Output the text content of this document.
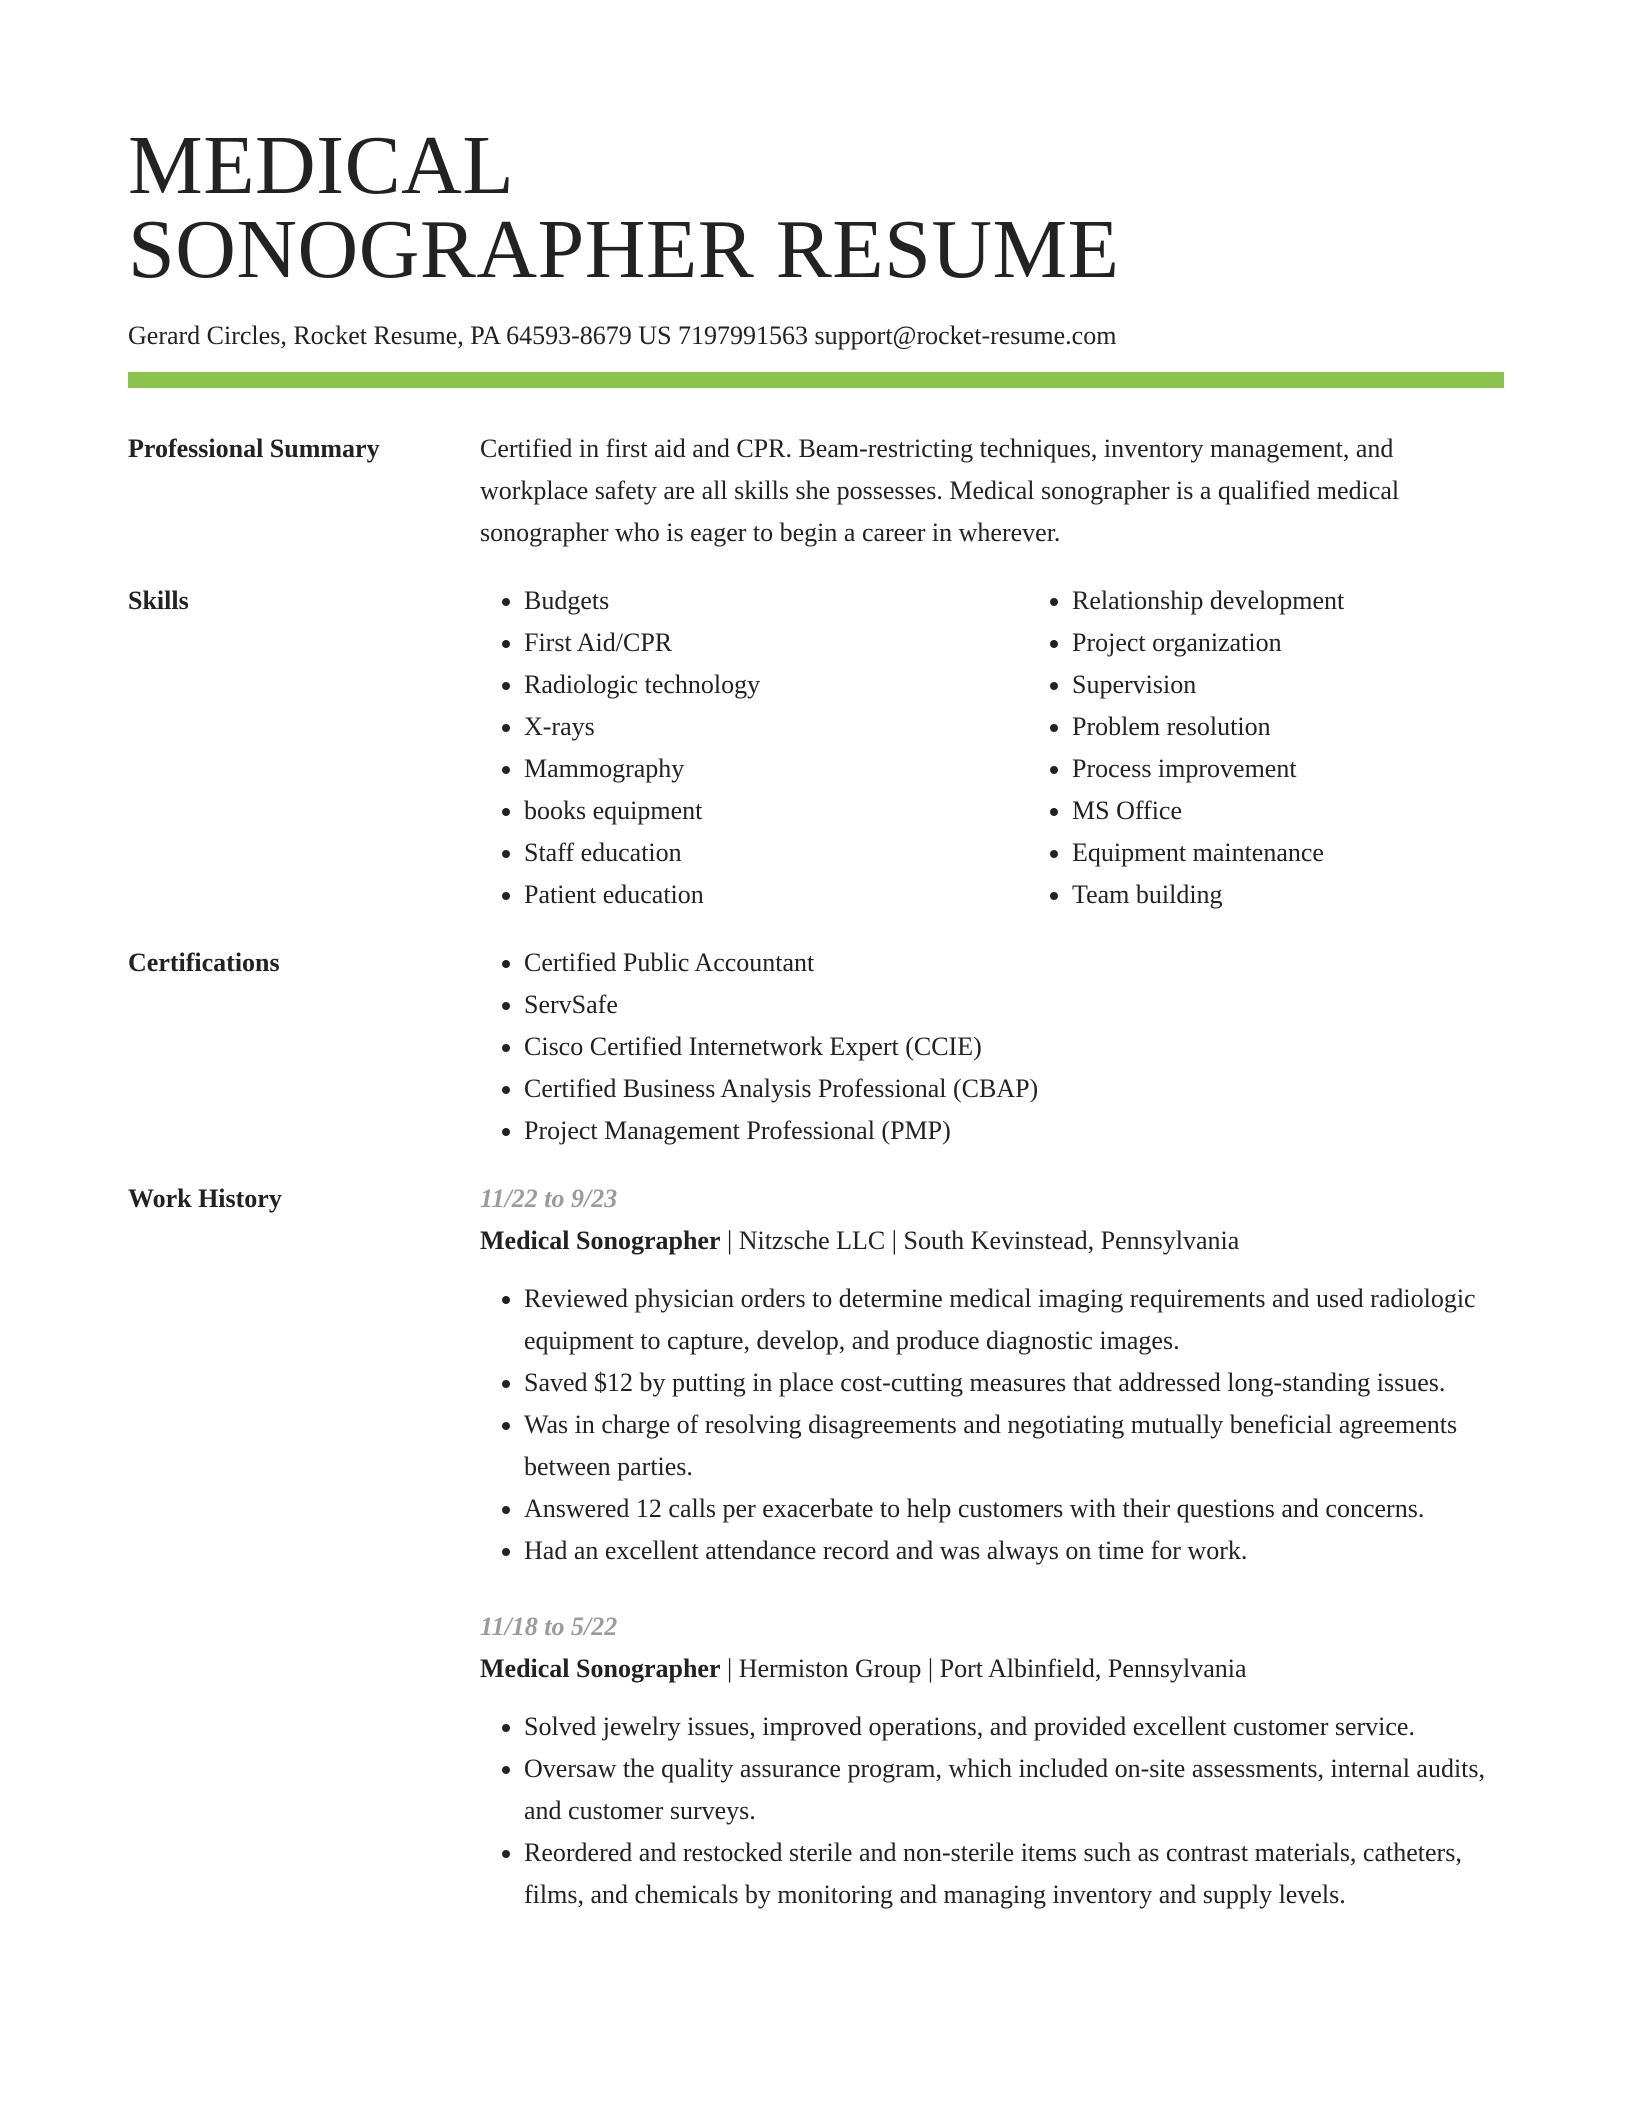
MEDICAL
SONOGRAPHER RESUME
Gerard Circles, Rocket Resume, PA 64593-8679 US 7197991563 support@rocket-resume.com
Professional Summary	Certified in first aid and CPR. Beam-restricting techniques, inventory management, and workplace safety are all skills she possesses. Medical sonographer is a qualified medical sonographer who is eager to begin a career in wherever.

Skills	• Budgets
• First Aid/CPR
• Radiologic technology
• X-rays
• Mammography
• books equipment
• Staff education
• Patient education
• Relationship development
• Project organization
• Supervision
• Problem resolution
• Process improvement
• MS Office
• Equipment maintenance
• Team building
Certifications	• Certified Public Accountant
• ServSafe
• Cisco Certified Internetwork Expert (CCIE)
• Certified Business Analysis Professional (CBAP)
• Project Management Professional (PMP)
Work History	11/22 to 9/23
Medical Sonographer | Nitzsche LLC | South Kevinstead, Pennsylvania
• Reviewed physician orders to determine medical imaging requirements and used radiologic equipment to capture, develop, and produce diagnostic images.
• Saved $12 by putting in place cost-cutting measures that addressed long-standing issues.
• Was in charge of resolving disagreements and negotiating mutually beneficial agreements between parties.
• Answered 12 calls per exacerbate to help customers with their questions and concerns.
• Had an excellent attendance record and was always on time for work.
11/18 to 5/22
Medical Sonographer | Hermiston Group | Port Albinfield, Pennsylvania
• Solved jewelry issues, improved operations, and provided excellent customer service.
• Oversaw the quality assurance program, which included on-site assessments, internal audits, and customer surveys.
• Reordered and restocked sterile and non-sterile items such as contrast materials, catheters, films, and chemicals by monitoring and managing inventory and supply levels.
